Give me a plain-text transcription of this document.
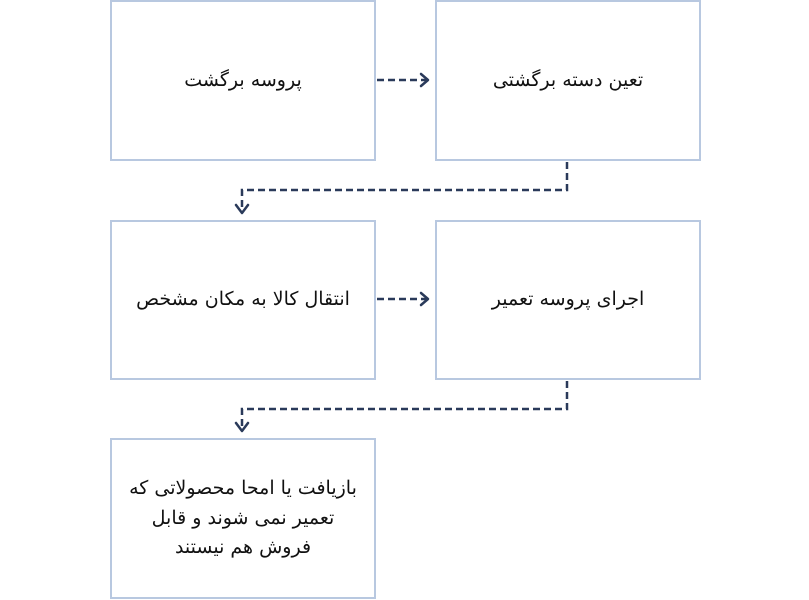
پروسه برگشت	تعین دسته برگشتی
انتقال کالا به مکان مشخص	اجرای پروسه تعمیر
بازیافت یا امحا محصولاتی که تعمیر نمی شوند و قابل فروش هم نیستند
